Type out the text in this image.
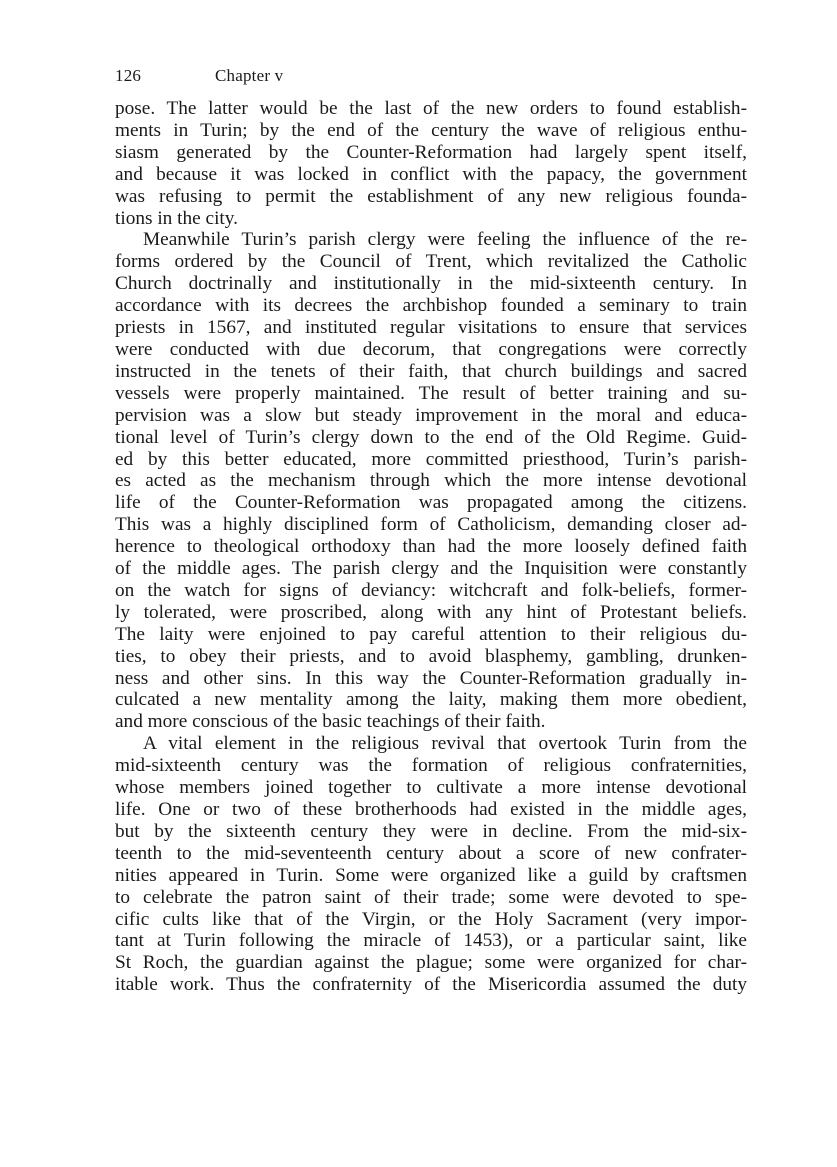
126	Chapter v

pose. The latter would be the last of the new orders to found establish-

ments in Turin; by the end of the century the wave of religious enthu-

siasm generated by the Counter-Reformation had largely spent itself,

and because it was locked in conflict with the papacy, the government

was refusing to permit the establishment of any new religious founda-

tions in the city.

Meanwhile Turin’s parish clergy were feeling the influence of the re-

forms ordered by the Council of Trent, which revitalized the Catholic

Church doctrinally and institutionally in the mid-sixteenth century. In

accordance with its decrees the archbishop founded a seminary to train

priests in 1567, and instituted regular visitations to ensure that services

were conducted with due decorum, that congregations were correctly

instructed in the tenets of their faith, that church buildings and sacred

vessels were properly maintained. The result of better training and su-

pervision was a slow but steady improvement in the moral and educa-

tional level of Turin’s clergy down to the end of the Old Regime. Guid-

ed by this better educated, more committed priesthood, Turin’s parish-

es acted as the mechanism through which the more intense devotional

life of the Counter-Reformation was propagated among the citizens.

This was a highly disciplined form of Catholicism, demanding closer ad-

herence to theological orthodoxy than had the more loosely defined faith

of the middle ages. The parish clergy and the Inquisition were constantly

on the watch for signs of deviancy: witchcraft and folk-beliefs, former-

ly tolerated, were proscribed, along with any hint of Protestant beliefs.

The laity were enjoined to pay careful attention to their religious du-

ties, to obey their priests, and to avoid blasphemy, gambling, drunken-

ness and other sins. In this way the Counter-Reformation gradually in-

culcated a new mentality among the laity, making them more obedient,

and more conscious of the basic teachings of their faith.

A vital element in the religious revival that overtook Turin from the

mid-sixteenth century was the formation of religious confraternities,

whose members joined together to cultivate a more intense devotional

life. One or two of these brotherhoods had existed in the middle ages,

but by the sixteenth century they were in decline. From the mid-six-

teenth to the mid-seventeenth century about a score of new confrater-

nities appeared in Turin. Some were organized like a guild by craftsmen

to celebrate the patron saint of their trade; some were devoted to spe-

cific cults like that of the Virgin, or the Holy Sacrament (very impor-

tant at Turin following the miracle of 1453), or a particular saint, like

St Roch, the guardian against the plague; some were organized for char-

itable work. Thus the confraternity of the Misericordia assumed the duty
